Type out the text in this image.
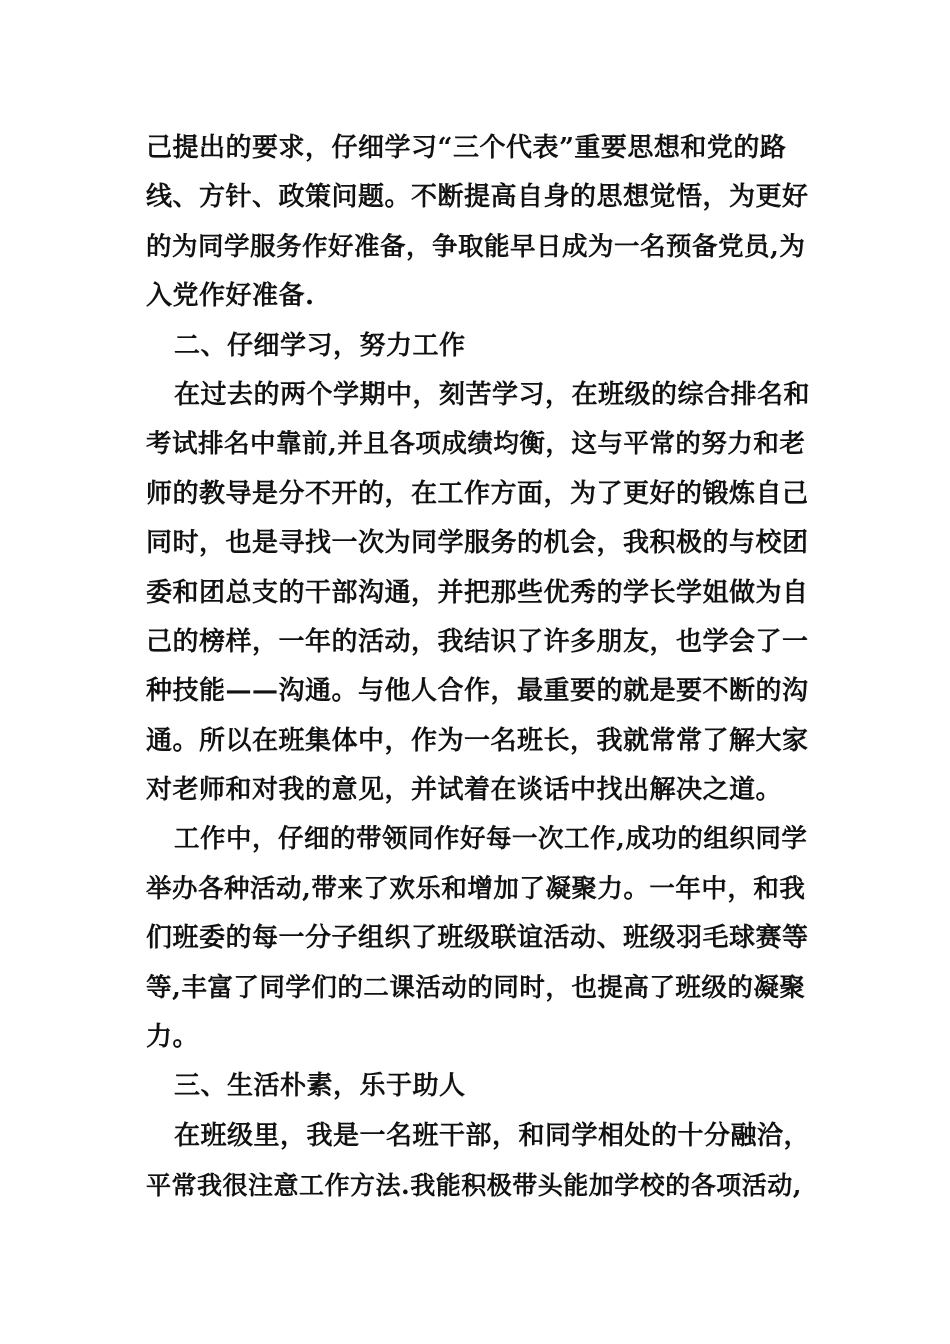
己提出的要求，仔细学习“三个代表”重要思想和党的路
线、方针、政策问题。不断提高自身的思想觉悟，为更好
的为同学服务作好准备，争取能早日成为一名预备党员,为
入党作好准备.
二、仔细学习，努力工作
在过去的两个学期中，刻苦学习，在班级的综合排名和
考试排名中靠前,并且各项成绩均衡，这与平常的努力和老
师的教导是分不开的，在工作方面，为了更好的锻炼自己
同时，也是寻找一次为同学服务的机会，我积极的与校团
委和团总支的干部沟通，并把那些优秀的学长学姐做为自
己的榜样，一年的活动，我结识了许多朋友，也学会了一
种技能——沟通。与他人合作，最重要的就是要不断的沟
通。所以在班集体中，作为一名班长，我就常常了解大家
对老师和对我的意见，并试着在谈话中找出解决之道。
工作中，仔细的带领同作好每一次工作,成功的组织同学
举办各种活动,带来了欢乐和增加了凝聚力。一年中，和我
们班委的每一分子组织了班级联谊活动、班级羽毛球赛等
等,丰富了同学们的二课活动的同时，也提高了班级的凝聚
力。
三、生活朴素，乐于助人
在班级里，我是一名班干部，和同学相处的十分融洽，
平常我很注意工作方法.我能积极带头能加学校的各项活动,
